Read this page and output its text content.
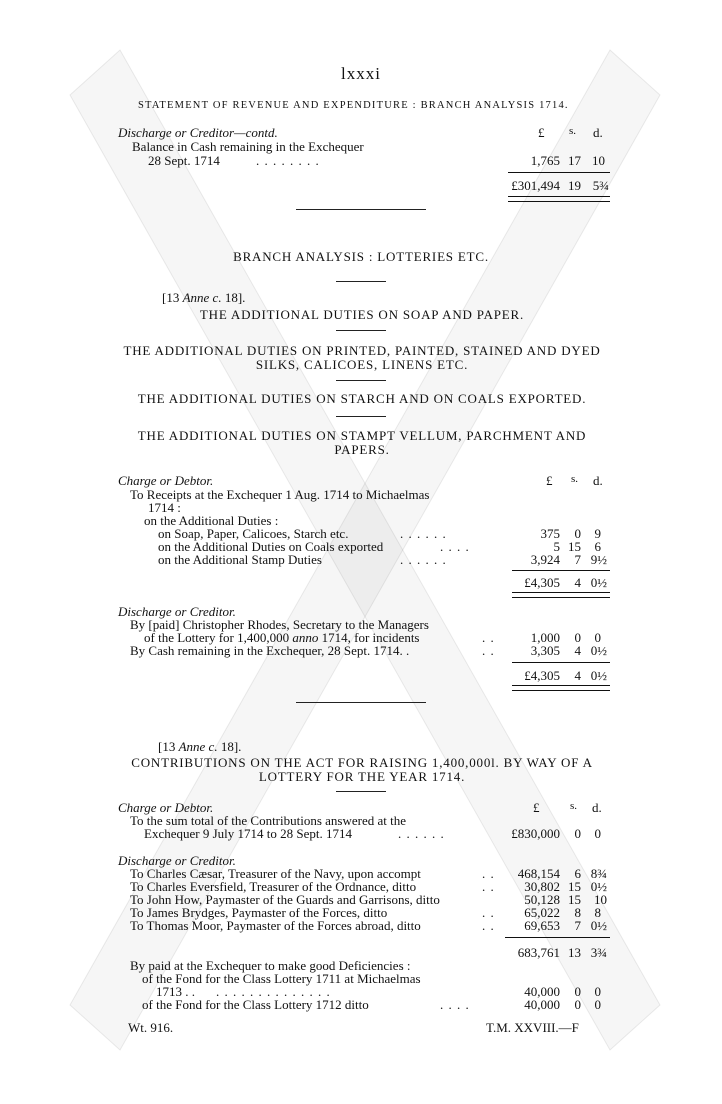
lxxxi
STATEMENT OF REVENUE AND EXPENDITURE : BRANCH ANALYSIS 1714.
Discharge or Creditor—contd.	£ s. d.
Balance in Cash remaining in the Exchequer
28 Sept. 1714	. . . . . . . .	1,765 17 10
£301,494 19 5¾
BRANCH ANALYSIS : LOTTERIES ETC.
[13 Anne c. 18].
THE ADDITIONAL DUTIES ON SOAP AND PAPER.
THE ADDITIONAL DUTIES ON PRINTED, PAINTED, STAINED AND DYED SILKS, CALICOES, LINENS ETC.
THE ADDITIONAL DUTIES ON STARCH AND ON COALS EXPORTED.
THE ADDITIONAL DUTIES ON STAMPT VELLUM, PARCHMENT AND PAPERS.
Charge or Debtor.	£ s. d.
To Receipts at the Exchequer 1 Aug. 1714 to Michaelmas
1714 :
on the Additional Duties :
on Soap, Paper, Calicoes, Starch etc.	. . . . . .	375	0	9
on the Additional Duties on Coals exported	. . . .	5 15	6
on the Additional Stamp Duties	. . . . . .	3,924	7 9½
£4,305	4 0½
Discharge or Creditor.
By [paid] Christopher Rhodes, Secretary to the Managers
of the Lottery for 1,400,000 anno 1714, for incidents	. .	1,000	0	0
By Cash remaining in the Exchequer, 28 Sept. 1714. .	. .	3,305	4 0½
£4,305	4 0½
[13 Anne c. 18].
CONTRIBUTIONS ON THE ACT FOR RAISING 1,400,000l. BY WAY OF A LOTTERY FOR THE YEAR 1714.
Charge or Debtor.	£	s. d.
To the sum total of the Contributions answered at the
Exchequer 9 July 1714 to 28 Sept. 1714	. . . . . .	£830,000	0	0
Discharge or Creditor.
To Charles Cæsar, Treasurer of the Navy, upon accompt	. .	468,154	6 8¾
To Charles Eversfield, Treasurer of the Ordnance, ditto	. .	30,802 15 0½
To John How, Paymaster of the Guards and Garrisons, ditto	50,128 15	10
To James Brydges, Paymaster of the Forces, ditto	. .	65,022	8	8
To Thomas Moor, Paymaster of the Forces abroad, ditto	. .	69,653	7 0½
683,761 13 3¾
By paid at the Exchequer to make good Deficiencies :
of the Fond for the Class Lottery 1711 at Michaelmas
1713 . . . . . . . . . . . . . . . .	40,000	0	0
of the Fond for the Class Lottery 1712 ditto	. . . .	40,000	0	0
Wt. 916.	T.M. XXVIII.—F
